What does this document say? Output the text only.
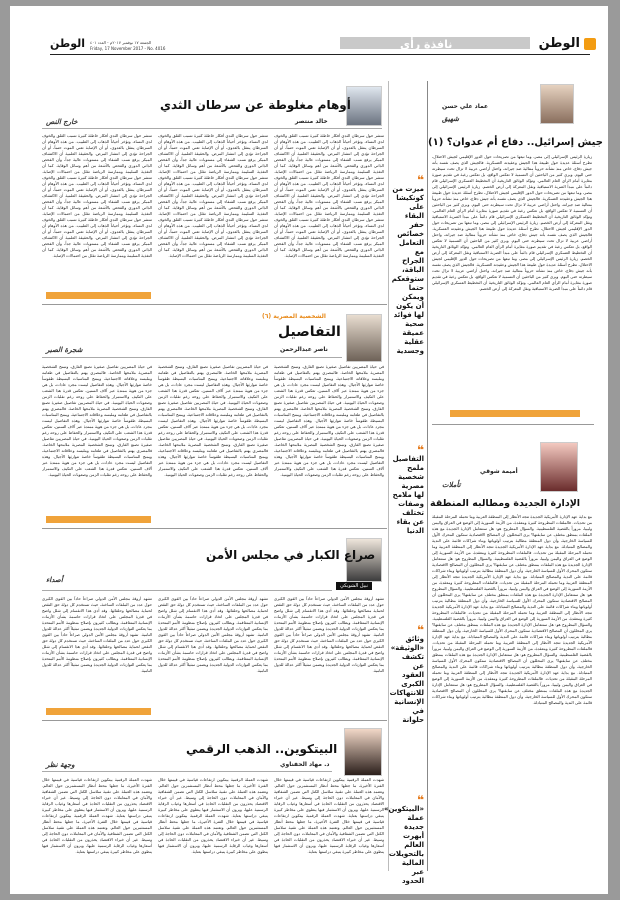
الوطن
نافذة رأي
الجمعة ١٧ نوفمبر ٢٠١٧م - العدد ٤٠١
Friday, 17 November 2017 - No. 4016
الوطن
عماد علي حسن
شهيق
جيش إسرائيل.. دفاع أم عدوان؟ (١)
زيارة الرئيس الإسرائيلي إلى مصر، وما تبعها من تصريحات حول الدور الإقليمي لجيش الاحتلال، تطرح أسئلة عديدة حول طبيعة هذا الجيش وعقيدته العسكرية. فالجيش الذي يصف نفسه بأنه جيش دفاع، خاض منذ نشأته حروباً متتالية ضد جيرانه، واحتل أراضي عربية لا تزال تحت سيطرته حتى اليوم. ويرى كثير من الباحثين أن التسمية لا تعكس الواقع، بل تعكس رغبة في تقديم صورة مغايرة أمام الرأي العام العالمي. وتؤكد الوثائق التاريخية أن التخطيط العسكري الإسرائيلي قام دائماً على مبدأ الضربة الاستباقية ونقل المعركة إلى أرض الخصم. زيارة الرئيس الإسرائيلي إلى مصر، وما تبعها من تصريحات حول الدور الإقليمي لجيش الاحتلال، تطرح أسئلة عديدة حول طبيعة هذا الجيش وعقيدته العسكرية. فالجيش الذي يصف نفسه بأنه جيش دفاع، خاض منذ نشأته حروباً متتالية ضد جيرانه، واحتل أراضي عربية لا تزال تحت سيطرته حتى اليوم. ويرى كثير من الباحثين أن التسمية لا تعكس الواقع، بل تعكس رغبة في تقديم صورة مغايرة أمام الرأي العام العالمي. وتؤكد الوثائق التاريخية أن التخطيط العسكري الإسرائيلي قام دائماً على مبدأ الضربة الاستباقية ونقل المعركة إلى أرض الخصم. زيارة الرئيس الإسرائيلي إلى مصر، وما تبعها من تصريحات حول الدور الإقليمي لجيش الاحتلال، تطرح أسئلة عديدة حول طبيعة هذا الجيش وعقيدته العسكرية. فالجيش الذي يصف نفسه بأنه جيش دفاع، خاض منذ نشأته حروباً متتالية ضد جيرانه، واحتل أراضي عربية لا تزال تحت سيطرته حتى اليوم. ويرى كثير من الباحثين أن التسمية لا تعكس الواقع، بل تعكس رغبة في تقديم صورة مغايرة أمام الرأي العام العالمي. وتؤكد الوثائق التاريخية أن التخطيط العسكري الإسرائيلي قام دائماً على مبدأ الضربة الاستباقية ونقل المعركة إلى أرض الخصم. زيارة الرئيس الإسرائيلي إلى مصر، وما تبعها من تصريحات حول الدور الإقليمي لجيش الاحتلال، تطرح أسئلة عديدة حول طبيعة هذا الجيش وعقيدته العسكرية. فالجيش الذي يصف نفسه بأنه جيش دفاع، خاض منذ نشأته حروباً متتالية ضد جيرانه، واحتل أراضي عربية لا تزال تحت سيطرته حتى اليوم. ويرى كثير من الباحثين أن التسمية لا تعكس الواقع، بل تعكس رغبة في تقديم صورة مغايرة أمام الرأي العام العالمي. وتؤكد الوثائق التاريخية أن التخطيط العسكري الإسرائيلي قام دائماً على مبدأ الضربة الاستباقية ونقل المعركة إلى أرض الخصم.
أميمة شوقي
تأملات
الإدارة الجديدة ومطالبه المنطقة
مع بداية عهد الإدارة الأمريكية الجديدة تتجه الأنظار إلى المنطقة العربية وما تحمله المرحلة المقبلة من تحديات. فالملفات المطروحة كثيرة ومعقدة، من الأزمة السورية إلى الوضع في العراق واليمن وليبيا، مروراً بالقضية الفلسطينية. والسؤال المطروح هو: هل ستتعامل الإدارة الجديدة مع هذه الملفات بمنطق مختلف عن سابقتها؟ يرى المحللون أن المصالح الاقتصادية ستكون المحرك الأول للسياسة الخارجية، وأن دول المنطقة مطالبة بترتيب أولوياتها وبناء شراكات قائمة على الندية والمصالح المتبادلة. مع بداية عهد الإدارة الأمريكية الجديدة تتجه الأنظار إلى المنطقة العربية وما تحمله المرحلة المقبلة من تحديات. فالملفات المطروحة كثيرة ومعقدة، من الأزمة السورية إلى الوضع في العراق واليمن وليبيا، مروراً بالقضية الفلسطينية. والسؤال المطروح هو: هل ستتعامل الإدارة الجديدة مع هذه الملفات بمنطق مختلف عن سابقتها؟ يرى المحللون أن المصالح الاقتصادية ستكون المحرك الأول للسياسة الخارجية، وأن دول المنطقة مطالبة بترتيب أولوياتها وبناء شراكات قائمة على الندية والمصالح المتبادلة. مع بداية عهد الإدارة الأمريكية الجديدة تتجه الأنظار إلى المنطقة العربية وما تحمله المرحلة المقبلة من تحديات. فالملفات المطروحة كثيرة ومعقدة، من الأزمة السورية إلى الوضع في العراق واليمن وليبيا، مروراً بالقضية الفلسطينية. والسؤال المطروح هو: هل ستتعامل الإدارة الجديدة مع هذه الملفات بمنطق مختلف عن سابقتها؟ يرى المحللون أن المصالح الاقتصادية ستكون المحرك الأول للسياسة الخارجية، وأن دول المنطقة مطالبة بترتيب أولوياتها وبناء شراكات قائمة على الندية والمصالح المتبادلة. مع بداية عهد الإدارة الأمريكية الجديدة تتجه الأنظار إلى المنطقة العربية وما تحمله المرحلة المقبلة من تحديات. فالملفات المطروحة كثيرة ومعقدة، من الأزمة السورية إلى الوضع في العراق واليمن وليبيا، مروراً بالقضية الفلسطينية. والسؤال المطروح هو: هل ستتعامل الإدارة الجديدة مع هذه الملفات بمنطق مختلف عن سابقتها؟ يرى المحللون أن المصالح الاقتصادية ستكون المحرك الأول للسياسة الخارجية، وأن دول المنطقة مطالبة بترتيب أولوياتها وبناء شراكات قائمة على الندية والمصالح المتبادلة. مع بداية عهد الإدارة الأمريكية الجديدة تتجه الأنظار إلى المنطقة العربية وما تحمله المرحلة المقبلة من تحديات. فالملفات المطروحة كثيرة ومعقدة، من الأزمة السورية إلى الوضع في العراق واليمن وليبيا، مروراً بالقضية الفلسطينية. والسؤال المطروح هو: هل ستتعامل الإدارة الجديدة مع هذه الملفات بمنطق مختلف عن سابقتها؟ يرى المحللون أن المصالح الاقتصادية ستكون المحرك الأول للسياسة الخارجية، وأن دول المنطقة مطالبة بترتيب أولوياتها وبناء شراكات قائمة على الندية والمصالح المتبادلة. مع بداية عهد الإدارة الأمريكية الجديدة تتجه الأنظار إلى المنطقة العربية وما تحمله المرحلة المقبلة من تحديات. فالملفات المطروحة كثيرة ومعقدة، من الأزمة السورية إلى الوضع في العراق واليمن وليبيا، مروراً بالقضية الفلسطينية. والسؤال المطروح هو: هل ستتعامل الإدارة الجديدة مع هذه الملفات بمنطق مختلف عن سابقتها؟ يرى المحللون أن المصالح الاقتصادية ستكون المحرك الأول للسياسة الخارجية، وأن دول المنطقة مطالبة بترتيب أولوياتها وبناء شراكات قائمة على الندية والمصالح المتبادلة.
أوهام مغلوطة عن سرطان الثدي
خالد منتصر
خارج النص
❝
ميزت من كونكيشا على البقاء حفر خصائص التعامل مع الجراح الباقة، ستوقعكم حتما ويمكن أن يكون لها فوائد صحية عميقة عقلية وجسدية
تنتشر حول سرطان الثدي أفكار خاطئة كثيرة تسبب القلق والخوف لدى النساء، وتؤخر أحياناً الذهاب إلى الطبيب. من هذه الأوهام أن السرطان ينتقل بالعدوى، أو أن الإصابة تعني الموت حتماً، أو أن الجراحة تؤدي إلى انتشار المرض. والحقيقة العلمية أن الاكتشاف المبكر يرفع نسب الشفاء إلى مستويات عالية جداً، وأن الفحص الذاتي الدوري والفحص بالأشعة من أهم وسائل الوقاية. كما أن التغذية السليمة وممارسة الرياضة تقلل من احتمالات الإصابة. تنتشر حول سرطان الثدي أفكار خاطئة كثيرة تسبب القلق والخوف لدى النساء، وتؤخر أحياناً الذهاب إلى الطبيب. من هذه الأوهام أن السرطان ينتقل بالعدوى، أو أن الإصابة تعني الموت حتماً، أو أن الجراحة تؤدي إلى انتشار المرض. والحقيقة العلمية أن الاكتشاف المبكر يرفع نسب الشفاء إلى مستويات عالية جداً، وأن الفحص الذاتي الدوري والفحص بالأشعة من أهم وسائل الوقاية. كما أن التغذية السليمة وممارسة الرياضة تقلل من احتمالات الإصابة. تنتشر حول سرطان الثدي أفكار خاطئة كثيرة تسبب القلق والخوف لدى النساء، وتؤخر أحياناً الذهاب إلى الطبيب. من هذه الأوهام أن السرطان ينتقل بالعدوى، أو أن الإصابة تعني الموت حتماً، أو أن الجراحة تؤدي إلى انتشار المرض. والحقيقة العلمية أن الاكتشاف المبكر يرفع نسب الشفاء إلى مستويات عالية جداً، وأن الفحص الذاتي الدوري والفحص بالأشعة من أهم وسائل الوقاية. كما أن التغذية السليمة وممارسة الرياضة تقلل من احتمالات الإصابة.
تنتشر حول سرطان الثدي أفكار خاطئة كثيرة تسبب القلق والخوف لدى النساء، وتؤخر أحياناً الذهاب إلى الطبيب. من هذه الأوهام أن السرطان ينتقل بالعدوى، أو أن الإصابة تعني الموت حتماً، أو أن الجراحة تؤدي إلى انتشار المرض. والحقيقة العلمية أن الاكتشاف المبكر يرفع نسب الشفاء إلى مستويات عالية جداً، وأن الفحص الذاتي الدوري والفحص بالأشعة من أهم وسائل الوقاية. كما أن التغذية السليمة وممارسة الرياضة تقلل من احتمالات الإصابة. تنتشر حول سرطان الثدي أفكار خاطئة كثيرة تسبب القلق والخوف لدى النساء، وتؤخر أحياناً الذهاب إلى الطبيب. من هذه الأوهام أن السرطان ينتقل بالعدوى، أو أن الإصابة تعني الموت حتماً، أو أن الجراحة تؤدي إلى انتشار المرض. والحقيقة العلمية أن الاكتشاف المبكر يرفع نسب الشفاء إلى مستويات عالية جداً، وأن الفحص الذاتي الدوري والفحص بالأشعة من أهم وسائل الوقاية. كما أن التغذية السليمة وممارسة الرياضة تقلل من احتمالات الإصابة. تنتشر حول سرطان الثدي أفكار خاطئة كثيرة تسبب القلق والخوف لدى النساء، وتؤخر أحياناً الذهاب إلى الطبيب. من هذه الأوهام أن السرطان ينتقل بالعدوى، أو أن الإصابة تعني الموت حتماً، أو أن الجراحة تؤدي إلى انتشار المرض. والحقيقة العلمية أن الاكتشاف المبكر يرفع نسب الشفاء إلى مستويات عالية جداً، وأن الفحص الذاتي الدوري والفحص بالأشعة من أهم وسائل الوقاية. كما أن التغذية السليمة وممارسة الرياضة تقلل من احتمالات الإصابة.
تنتشر حول سرطان الثدي أفكار خاطئة كثيرة تسبب القلق والخوف لدى النساء، وتؤخر أحياناً الذهاب إلى الطبيب. من هذه الأوهام أن السرطان ينتقل بالعدوى، أو أن الإصابة تعني الموت حتماً، أو أن الجراحة تؤدي إلى انتشار المرض. والحقيقة العلمية أن الاكتشاف المبكر يرفع نسب الشفاء إلى مستويات عالية جداً، وأن الفحص الذاتي الدوري والفحص بالأشعة من أهم وسائل الوقاية. كما أن التغذية السليمة وممارسة الرياضة تقلل من احتمالات الإصابة. تنتشر حول سرطان الثدي أفكار خاطئة كثيرة تسبب القلق والخوف لدى النساء، وتؤخر أحياناً الذهاب إلى الطبيب. من هذه الأوهام أن السرطان ينتقل بالعدوى، أو أن الإصابة تعني الموت حتماً، أو أن الجراحة تؤدي إلى انتشار المرض. والحقيقة العلمية أن الاكتشاف المبكر يرفع نسب الشفاء إلى مستويات عالية جداً، وأن الفحص الذاتي الدوري والفحص بالأشعة من أهم وسائل الوقاية. كما أن التغذية السليمة وممارسة الرياضة تقلل من احتمالات الإصابة. تنتشر حول سرطان الثدي أفكار خاطئة كثيرة تسبب القلق والخوف لدى النساء، وتؤخر أحياناً الذهاب إلى الطبيب. من هذه الأوهام أن السرطان ينتقل بالعدوى، أو أن الإصابة تعني الموت حتماً، أو أن الجراحة تؤدي إلى انتشار المرض. والحقيقة العلمية أن الاكتشاف المبكر يرفع نسب الشفاء إلى مستويات عالية جداً، وأن الفحص الذاتي الدوري والفحص بالأشعة من أهم وسائل الوقاية. كما أن التغذية السليمة وممارسة الرياضة تقلل من احتمالات الإصابة.
الشخصية المصرية (٦)
التفاصيل
ناصر عبدالرحمن
شجرة الصبر
❝
التفاصيل ملمح شخصية مصرية لها ملامح وصفات تختلف عن بقاء الدنيا
في حياة المصريين تفاصيل صغيرة تصنع الفارق، وتمنح الشخصية المصرية ملامحها الخاصة. فالمصري يهتم بالتفاصيل في طعامه وملبسه وعلاقاته الاجتماعية، ويمنح المناسبات البسيطة طقوساً خاصة تتوارثها الأجيال. وهذه التفاصيل ليست مجرد عادات، بل هي جزء من هوية ممتدة عبر آلاف السنين، تعكس قدرة هذا الشعب على التكيف والاستمرار والحفاظ على روحه رغم تقلبات الزمن وصعوبات الحياة اليومية. في حياة المصريين تفاصيل صغيرة تصنع الفارق، وتمنح الشخصية المصرية ملامحها الخاصة. فالمصري يهتم بالتفاصيل في طعامه وملبسه وعلاقاته الاجتماعية، ويمنح المناسبات البسيطة طقوساً خاصة تتوارثها الأجيال. وهذه التفاصيل ليست مجرد عادات، بل هي جزء من هوية ممتدة عبر آلاف السنين، تعكس قدرة هذا الشعب على التكيف والاستمرار والحفاظ على روحه رغم تقلبات الزمن وصعوبات الحياة اليومية. في حياة المصريين تفاصيل صغيرة تصنع الفارق، وتمنح الشخصية المصرية ملامحها الخاصة. فالمصري يهتم بالتفاصيل في طعامه وملبسه وعلاقاته الاجتماعية، ويمنح المناسبات البسيطة طقوساً خاصة تتوارثها الأجيال. وهذه التفاصيل ليست مجرد عادات، بل هي جزء من هوية ممتدة عبر آلاف السنين، تعكس قدرة هذا الشعب على التكيف والاستمرار والحفاظ على روحه رغم تقلبات الزمن وصعوبات الحياة اليومية.
في حياة المصريين تفاصيل صغيرة تصنع الفارق، وتمنح الشخصية المصرية ملامحها الخاصة. فالمصري يهتم بالتفاصيل في طعامه وملبسه وعلاقاته الاجتماعية، ويمنح المناسبات البسيطة طقوساً خاصة تتوارثها الأجيال. وهذه التفاصيل ليست مجرد عادات، بل هي جزء من هوية ممتدة عبر آلاف السنين، تعكس قدرة هذا الشعب على التكيف والاستمرار والحفاظ على روحه رغم تقلبات الزمن وصعوبات الحياة اليومية. في حياة المصريين تفاصيل صغيرة تصنع الفارق، وتمنح الشخصية المصرية ملامحها الخاصة. فالمصري يهتم بالتفاصيل في طعامه وملبسه وعلاقاته الاجتماعية، ويمنح المناسبات البسيطة طقوساً خاصة تتوارثها الأجيال. وهذه التفاصيل ليست مجرد عادات، بل هي جزء من هوية ممتدة عبر آلاف السنين، تعكس قدرة هذا الشعب على التكيف والاستمرار والحفاظ على روحه رغم تقلبات الزمن وصعوبات الحياة اليومية. في حياة المصريين تفاصيل صغيرة تصنع الفارق، وتمنح الشخصية المصرية ملامحها الخاصة. فالمصري يهتم بالتفاصيل في طعامه وملبسه وعلاقاته الاجتماعية، ويمنح المناسبات البسيطة طقوساً خاصة تتوارثها الأجيال. وهذه التفاصيل ليست مجرد عادات، بل هي جزء من هوية ممتدة عبر آلاف السنين، تعكس قدرة هذا الشعب على التكيف والاستمرار والحفاظ على روحه رغم تقلبات الزمن وصعوبات الحياة اليومية.
في حياة المصريين تفاصيل صغيرة تصنع الفارق، وتمنح الشخصية المصرية ملامحها الخاصة. فالمصري يهتم بالتفاصيل في طعامه وملبسه وعلاقاته الاجتماعية، ويمنح المناسبات البسيطة طقوساً خاصة تتوارثها الأجيال. وهذه التفاصيل ليست مجرد عادات، بل هي جزء من هوية ممتدة عبر آلاف السنين، تعكس قدرة هذا الشعب على التكيف والاستمرار والحفاظ على روحه رغم تقلبات الزمن وصعوبات الحياة اليومية. في حياة المصريين تفاصيل صغيرة تصنع الفارق، وتمنح الشخصية المصرية ملامحها الخاصة. فالمصري يهتم بالتفاصيل في طعامه وملبسه وعلاقاته الاجتماعية، ويمنح المناسبات البسيطة طقوساً خاصة تتوارثها الأجيال. وهذه التفاصيل ليست مجرد عادات، بل هي جزء من هوية ممتدة عبر آلاف السنين، تعكس قدرة هذا الشعب على التكيف والاستمرار والحفاظ على روحه رغم تقلبات الزمن وصعوبات الحياة اليومية. في حياة المصريين تفاصيل صغيرة تصنع الفارق، وتمنح الشخصية المصرية ملامحها الخاصة. فالمصري يهتم بالتفاصيل في طعامه وملبسه وعلاقاته الاجتماعية، ويمنح المناسبات البسيطة طقوساً خاصة تتوارثها الأجيال. وهذه التفاصيل ليست مجرد عادات، بل هي جزء من هوية ممتدة عبر آلاف السنين، تعكس قدرة هذا الشعب على التكيف والاستمرار والحفاظ على روحه رغم تقلبات الزمن وصعوبات الحياة اليومية.
صراع الكبار في مجلس الأمن
نبيل الشوبكي
أصداء
❝
وثائق «الوثيقة» تكشف عن العقود الكبرى للانتهاكات الإنسانية في حلوانة
تشهد أروقة مجلس الأمن الدولي صراعاً حاداً بين القوى الكبرى حول عدد من الملفات الساخنة، حيث تستخدم كل دولة حق النقض لحماية مصالحها وحلفائها. وقد أدى هذا الانقسام إلى شلل واضح في قدرة المجلس على اتخاذ قرارات حاسمة بشأن الأزمات الإنسانية المتفاقمة. ويطالب كثيرون بإصلاح منظومة الأمم المتحدة بما يعكس التوازنات الدولية الجديدة ويضمن تمثيلاً أكثر عدالة للدول النامية. تشهد أروقة مجلس الأمن الدولي صراعاً حاداً بين القوى الكبرى حول عدد من الملفات الساخنة، حيث تستخدم كل دولة حق النقض لحماية مصالحها وحلفائها. وقد أدى هذا الانقسام إلى شلل واضح في قدرة المجلس على اتخاذ قرارات حاسمة بشأن الأزمات الإنسانية المتفاقمة. ويطالب كثيرون بإصلاح منظومة الأمم المتحدة بما يعكس التوازنات الدولية الجديدة ويضمن تمثيلاً أكثر عدالة للدول النامية.
تشهد أروقة مجلس الأمن الدولي صراعاً حاداً بين القوى الكبرى حول عدد من الملفات الساخنة، حيث تستخدم كل دولة حق النقض لحماية مصالحها وحلفائها. وقد أدى هذا الانقسام إلى شلل واضح في قدرة المجلس على اتخاذ قرارات حاسمة بشأن الأزمات الإنسانية المتفاقمة. ويطالب كثيرون بإصلاح منظومة الأمم المتحدة بما يعكس التوازنات الدولية الجديدة ويضمن تمثيلاً أكثر عدالة للدول النامية. تشهد أروقة مجلس الأمن الدولي صراعاً حاداً بين القوى الكبرى حول عدد من الملفات الساخنة، حيث تستخدم كل دولة حق النقض لحماية مصالحها وحلفائها. وقد أدى هذا الانقسام إلى شلل واضح في قدرة المجلس على اتخاذ قرارات حاسمة بشأن الأزمات الإنسانية المتفاقمة. ويطالب كثيرون بإصلاح منظومة الأمم المتحدة بما يعكس التوازنات الدولية الجديدة ويضمن تمثيلاً أكثر عدالة للدول النامية.
تشهد أروقة مجلس الأمن الدولي صراعاً حاداً بين القوى الكبرى حول عدد من الملفات الساخنة، حيث تستخدم كل دولة حق النقض لحماية مصالحها وحلفائها. وقد أدى هذا الانقسام إلى شلل واضح في قدرة المجلس على اتخاذ قرارات حاسمة بشأن الأزمات الإنسانية المتفاقمة. ويطالب كثيرون بإصلاح منظومة الأمم المتحدة بما يعكس التوازنات الدولية الجديدة ويضمن تمثيلاً أكثر عدالة للدول النامية. تشهد أروقة مجلس الأمن الدولي صراعاً حاداً بين القوى الكبرى حول عدد من الملفات الساخنة، حيث تستخدم كل دولة حق النقض لحماية مصالحها وحلفائها. وقد أدى هذا الانقسام إلى شلل واضح في قدرة المجلس على اتخاذ قرارات حاسمة بشأن الأزمات الإنسانية المتفاقمة. ويطالب كثيرون بإصلاح منظومة الأمم المتحدة بما يعكس التوازنات الدولية الجديدة ويضمن تمثيلاً أكثر عدالة للدول النامية.
البيتكوين.. الذهب الرقمي
د. مهاد الحفناوي
وجهة نظر
❝
«البيتكوين» عملة جديدة أبهرت العالم بالتحويلات المالية عبر الحدود
شهدت العملة الرقمية بيتكوين ارتفاعات قياسية في قيمتها خلال الفترة الأخيرة، ما جعلها محط أنظار المستثمرين حول العالم. وتعتمد هذه العملة على تقنية سلاسل الكتل التي تضمن الشفافية والأمان في المعاملات دون الحاجة إلى وسيط. غير أن خبراء الاقتصاد يحذرون من التقلبات الحادة في أسعارها وغياب الرقابة الرسمية عليها، ويرون أن الاستثمار فيها ينطوي على مخاطر كبيرة ينبغي دراستها بعناية. شهدت العملة الرقمية بيتكوين ارتفاعات قياسية في قيمتها خلال الفترة الأخيرة، ما جعلها محط أنظار المستثمرين حول العالم. وتعتمد هذه العملة على تقنية سلاسل الكتل التي تضمن الشفافية والأمان في المعاملات دون الحاجة إلى وسيط. غير أن خبراء الاقتصاد يحذرون من التقلبات الحادة في أسعارها وغياب الرقابة الرسمية عليها، ويرون أن الاستثمار فيها ينطوي على مخاطر كبيرة ينبغي دراستها بعناية.
شهدت العملة الرقمية بيتكوين ارتفاعات قياسية في قيمتها خلال الفترة الأخيرة، ما جعلها محط أنظار المستثمرين حول العالم. وتعتمد هذه العملة على تقنية سلاسل الكتل التي تضمن الشفافية والأمان في المعاملات دون الحاجة إلى وسيط. غير أن خبراء الاقتصاد يحذرون من التقلبات الحادة في أسعارها وغياب الرقابة الرسمية عليها، ويرون أن الاستثمار فيها ينطوي على مخاطر كبيرة ينبغي دراستها بعناية. شهدت العملة الرقمية بيتكوين ارتفاعات قياسية في قيمتها خلال الفترة الأخيرة، ما جعلها محط أنظار المستثمرين حول العالم. وتعتمد هذه العملة على تقنية سلاسل الكتل التي تضمن الشفافية والأمان في المعاملات دون الحاجة إلى وسيط. غير أن خبراء الاقتصاد يحذرون من التقلبات الحادة في أسعارها وغياب الرقابة الرسمية عليها، ويرون أن الاستثمار فيها ينطوي على مخاطر كبيرة ينبغي دراستها بعناية.
شهدت العملة الرقمية بيتكوين ارتفاعات قياسية في قيمتها خلال الفترة الأخيرة، ما جعلها محط أنظار المستثمرين حول العالم. وتعتمد هذه العملة على تقنية سلاسل الكتل التي تضمن الشفافية والأمان في المعاملات دون الحاجة إلى وسيط. غير أن خبراء الاقتصاد يحذرون من التقلبات الحادة في أسعارها وغياب الرقابة الرسمية عليها، ويرون أن الاستثمار فيها ينطوي على مخاطر كبيرة ينبغي دراستها بعناية. شهدت العملة الرقمية بيتكوين ارتفاعات قياسية في قيمتها خلال الفترة الأخيرة، ما جعلها محط أنظار المستثمرين حول العالم. وتعتمد هذه العملة على تقنية سلاسل الكتل التي تضمن الشفافية والأمان في المعاملات دون الحاجة إلى وسيط. غير أن خبراء الاقتصاد يحذرون من التقلبات الحادة في أسعارها وغياب الرقابة الرسمية عليها، ويرون أن الاستثمار فيها ينطوي على مخاطر كبيرة ينبغي دراستها بعناية.
